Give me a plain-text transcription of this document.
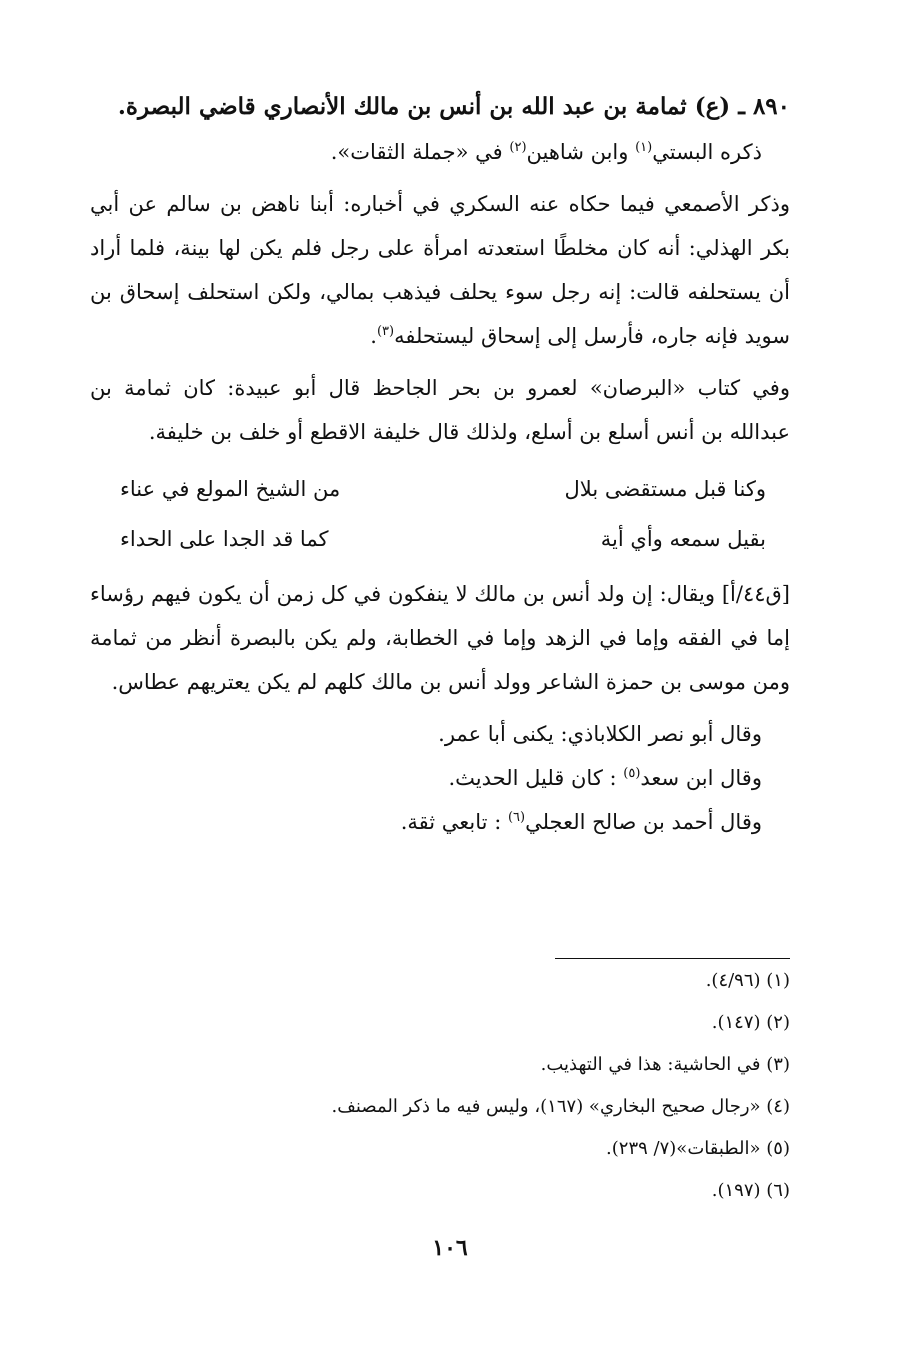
٨٩٠ ـ (ع) ثمامة بن عبد الله بن أنس بن مالك الأنصاري قاضي البصرة.

ذكره البستي$^{(١)}$ وابن شاهين$^{(٢)}$ في «جملة الثقات».

وذكر الأصمعي فيما حكاه عنه السكري في أخباره: أبنا ناهض بن سالم عن أبي بكر الهذلي: أنه كان مخلطًا استعدته امرأة على رجل فلم يكن لها بينة، فلما أراد أن يستحلفه قالت: إنه رجل سوء يحلف فيذهب بمالي، ولكن استحلف إسحاق بن سويد فإنه جاره، فأرسل إلى إسحاق ليستحلفه$^{(٣)}$.

وفي كتاب «البرصان» لعمرو بن بحر الجاحظ قال أبو عبيدة: كان ثمامة بن عبدالله بن أنس أسلع بن أسلع، ولذلك قال خليفة الاقطع أو خلف بن خليفة.

وكنا قبل مستقضى بلال
من الشيخ المولع في عناء
بقيل سمعه وأي أية
كما قد الجدا على الحداء

[ق٤٤/أ] ويقال: إن ولد أنس بن مالك لا ينفكون في كل زمن أن يكون فيهم رؤساء إما في الفقه وإما في الزهد وإما في الخطابة، ولم يكن بالبصرة أنظر من ثمامة ومن موسى بن حمزة الشاعر وولد أنس بن مالك كلهم لم يكن يعتريهم عطاس.

وقال أبو نصر الكلاباذي: يكنى أبا عمر.

وقال ابن سعد$^{(٥)}$ : كان قليل الحديث.

وقال أحمد بن صالح العجلي$^{(٦)}$ : تابعي ثقة.

(١) (٤/٩٦).

(٢) (١٤٧).

(٣) في الحاشية: هذا في التهذيب.

(٤) «رجال صحيح البخاري» (١٦٧)، وليس فيه ما ذكر المصنف.

(٥) «الطبقات»(٧/ ٢٣٩).

(٦) (١٩٧).

١٠٦
